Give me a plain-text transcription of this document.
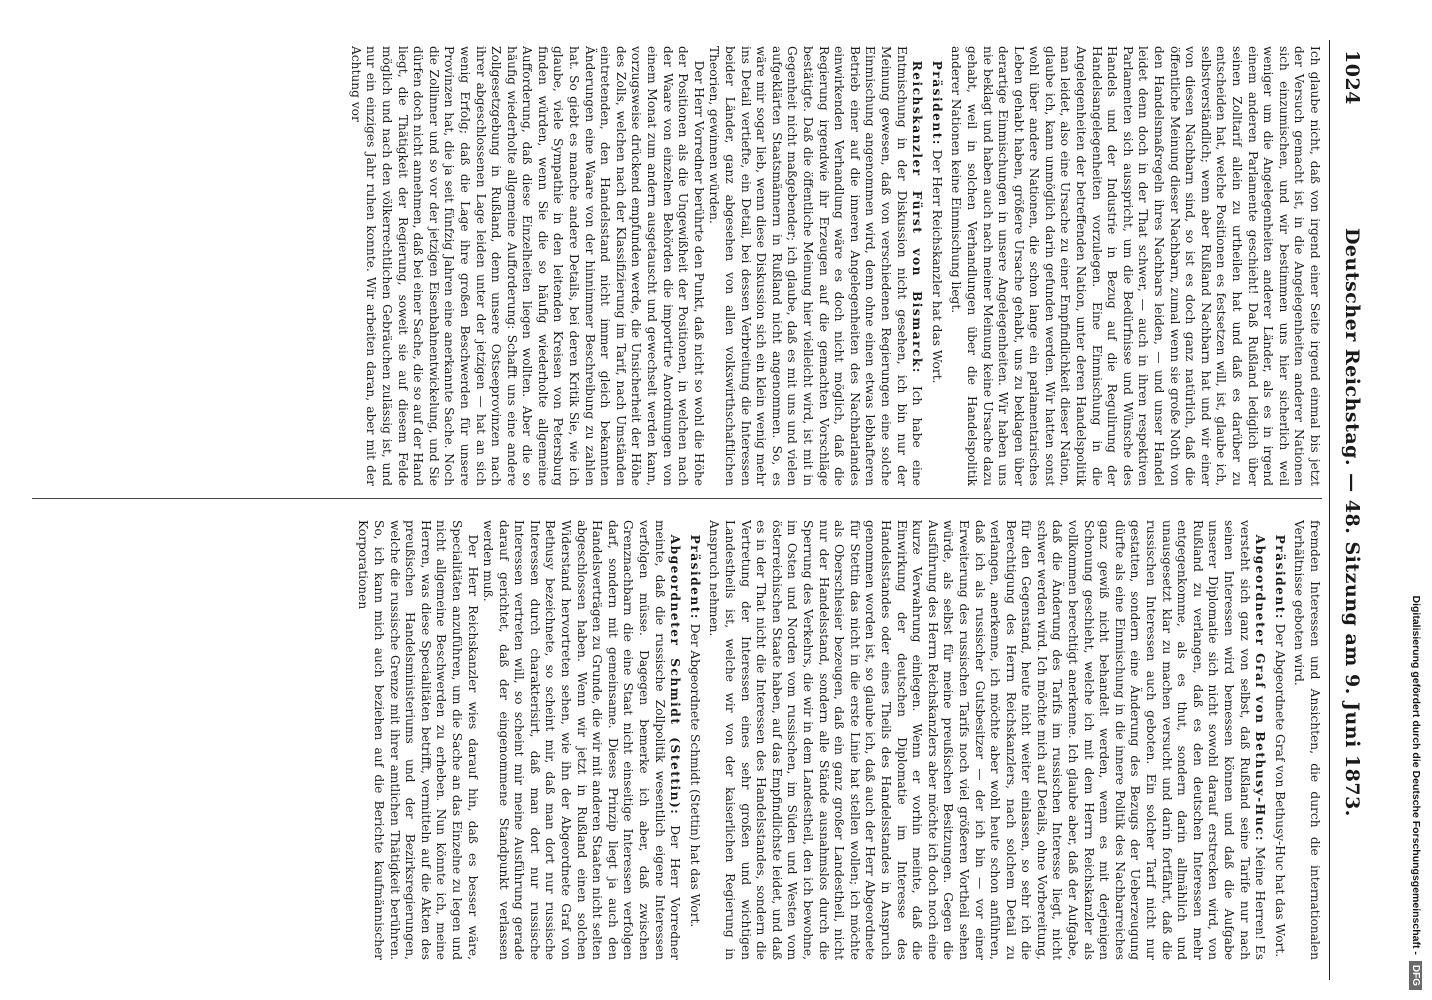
1024
Deutscher Reichstag. — 48. Sitzung am 9. Juni 1873.

Ich glaube nicht, daß von irgend einer Seite irgend einmal bis jetzt der Versuch gemacht ist, in die Angelegenheiten anderer Nationen sich einzumischen, und wir bestimmen uns hier sicherlich weil weniger um die Angelegenheiten anderer Länder, als es in irgend einem anderen Parlamente geschieht! Daß Rußland lediglich über seinen Zolltarif allein zu urtheilen hat und daß es darüber zu entscheiden hat, welche Positionen es festsetzen will, ist, glaube ich, selbstverständlich; wenn aber Rußland Nachbarn hat und wir einer von diesen Nachbarn sind, so ist es doch ganz natürlich, daß die öffentliche Meinung dieser Nachbarn, zumal wenn sie große Noth von den Handelsmaßregeln ihres Nachbars leiden, — und unser Handel leidet denn doch in der That schwer, — auch in ihren respektiven Parlamenten sich ausspricht, um die Bedürfnisse und Wünsche des Handels und der Industrie in Bezug auf die Regulirung der Handelsangelegenheiten vorzulegen. Eine Einmischung in die Angelegenheiten der betreffenden Nation, unter deren Handelspolitik man leidet, also eine Ursache zu einer Empfindlichkeit dieser Nation, glaube ich, kann unmöglich darin gefunden werden. Wir hatten sonst wohl über andere Nationen, die schon lange ein parlamentarisches Leben gehabt haben, größere Ursache gehabt, uns zu beklagen über derartige Einmischungen in unsere Angelegenheiten. Wir haben uns nie beklagt und haben auch nach meiner Meinung keine Ursache dazu gehabt, weil in solchen Verhandlungen über die Handelspolitik anderer Nationen keine Einmischung liegt.

Präsident: Der Herr Reichskanzler hat das Wort.

Reichskanzler Fürst von Bismarck: Ich habe eine Entmischung in der Diskussion nicht gesehen, ich bin nur der Meinung gewesen, daß von verschiedenen Regierungen eine solche Einmischung angenommen wird, denn ohne einen etwas lebhafteren Betrieb einer auf die inneren Angelegenheiten des Nachbarlandes einwirkenden Verhandlung wäre es doch nicht möglich, daß die Regierung irgendwie ihr Erzeugen auf die gemachten Vorschläge bestätigte. Daß die öffentliche Meinung hier vielleicht wird, ist mit in Gegenheit nicht maßgebender; ich glaube, daß es mit uns und vielen aufgeklärten Staatsmännern in Rußland nicht angenommen. So, es wäre mir sogar lieb, wenn diese Diskussion sich ein klein wenig mehr ins Detail vertiefte, ein Detail, bei dessen Verbreitung die Interessen beider Länder, ganz abgesehen von allen volkswirthschaftlichen Theorien, gewinnen würden.

Der Herr Vorredner berührte den Punkt, daß nicht so wohl die Höhe der Positionen als die Ungewißheit der Positionen, in welchen nach der Waare von einzelnen Behörden die importirte Anordnungen von einem Monat zum andern ausgetauscht und gewechselt werden kann, vorzugsweise drückend empfunden werde, die Unsicherheit der Höhe des Zolls, welchen nach der Klassifizierung im Tarif, nach Umständen eintretenden, den Handelsstand nicht immer gleich bekannten Änderungen eine Waare von der hinnimmer Beschreibung zu zahlen hat. So giebt es manche andere Details, bei deren Kritik Sie, wie ich glaube, viele Sympathie in den leitenden Kreisen von Petersburg finden würden, wenn Sie die so häufig wiederholte allgemeine Aufforderung, daß diese Einzelheiten liegen wollten. Aber die so häufig wiederholte allgemeine Aufforderung: Schafft uns eine andere Zollgesetzgebung in Rußland, denn unsere Ostseeprovinzen nach ihrer abgeschlossenen Lage leiden unter der jetzigen — hat an sich wenig Erfolg; daß die Lage ihre großen Beschwerden für unsere Provinzen hat, die ja seit fünfzig Jahren eine anerkannte Sache. Noch die Zollinner und so vor der jetzigen Eisenbahnentwickelung, und Sie dürfen doch nicht annehmen, daß bei einer Sache, die so auf der Hand liegt, die Thätigkeit der Regierung, soweit sie auf diesem Felde möglich und nach den völkerrechtlichen Gebräuchen zulässig ist, und nur ein einziges Jahr ruhen konnte. Wir arbeiten daran, aber mit der Achtung vor

fremden Interessen und Ansichten, die durch die internationalen Verhältnisse geboten wird.

Präsident: Der Abgeordnete Graf von Bethusy-Huc hat das Wort.

Abgeordneter Graf von Bethusy-Huc: Meine Herren! Es versteht sich ganz von selbst, daß Rußland seine Tarife nur nach seinen Interessen wird bemessen können und daß die Aufgabe unserer Diplomatie sich nicht sowohl darauf erstrecken wird, von Rußland zu verlangen, daß es den deutschen Interessen mehr entgegenkomme, als es thut, sondern darin allmählich und unausgesetzt klar zu machen versucht und darin fortfährt, daß die russischen Interessen auch geboten. Ein solcher Tarif nicht nur gestatten, sondern eine Änderung des Bezugs der Ueberzeugung dürfte als eine Einmischung in die innere Politik des Nachbarreiches ganz gewiß nicht behandelt werden, wenn es mit derjenigen Schonung geschieht, welche ich mit dem Herrn Reichskanzler als vollkommen berechtigt anerkenne. Ich glaube aber, daß der Aufgabe, daß die Änderung des Tarifs im russischen Interesse liegt, nicht schwer werden wird. Ich möchte mich auf Details, ohne Vorbereitung, für den Gegenstand, heute nicht weiter einlassen, so sehr ich die Berechtigung des Herrn Reichskanzlers, nach solchem Detail zu verlangen, anerkenne, ich möchte aber wohl heute schon anführen, daß ich als russischer Gutsbesitzer — der ich bin — vor einer Erweiterung des russischen Tarifs noch viel größeren Vortheil sehen würde, als selbst für meine preußischen Besitzungen. Gegen die Ausführung des Herrn Reichskanzlers aber möchte ich doch noch eine kurze Verwahrung einlegen. Wenn er vorhin meinte, daß die Einwirkung der deutschen Diplomatie im Interesse des Handelsstandes oder eines Theils des Handelsstandes in Anspruch genommen worden ist, so glaube ich, daß auch der Herr Abgeordnete für Stettin das nicht in die erste Linie hat stellen wollen; ich möchte als Oberschlesier bezeugen, daß ein ganz großer Landestheil, nicht nur der Handelsstand, sondern alle Stände ausnahmslos durch die Sperrung des Verkehrs, die wir in dem Landestheil, den ich bewohne, im Osten und Norden vom russischen, im Süden und Westen vom österreichischen Staate haben, auf das Empfindlichste leidet, und daß es in der That nicht die Interessen des Handelsstandes, sondern die Vertretung der Interessen eines sehr großen und wichtigen Landestheils ist, welche wir von der kaiserlichen Regierung in Anspruch nehmen.

Präsident: Der Abgeordnete Schmidt (Stettin) hat das Wort.

Abgeordneter Schmidt (Stettin): Der Herr Vorredner meinte, daß die russische Zollpolitik wesentlich eigene Interessen verfolgen müsse. Dagegen bemerke ich aber, daß zwischen Grenznachbarn die eine Staat nicht einseitige Interessen verfolgen darf, sondern mit gemeinsame. Dieses Prinzip liegt ja auch den Handelsverträgen zu Grunde, die wir mit anderen Staaten nicht selten abgeschlossen haben. Wenn wir jetzt in Rußland einen solchen Widerstand hervortreten sehen, wie ihn der Abgeordnete Graf von Bethusy bezeichnete, so scheint mir, daß man dort nur russische Interessen durch charakterisirt, daß man dort nur russische Interessen vertreten will, so scheint mir meine Ausführung gerade darauf gerichtet, daß der eingenommene Standpunkt verlassen werden muß.

Der Herr Reichskanzler wies darauf hin, daß es besser wäre, Specialitäten anzuführen, um die Sache an das Einzelne zu legen und nicht allgemeine Beschwerden zu erheben. Nun könnte ich, meine Herren, was diese Specialitäten betrifft, vermitteln auf die Akten des preußischen Handelsministeriums und der Bezirksregierungen, welche die russische Grenze mit ihrer amtlichen Thätigkeit berühren. So, ich kann mich auch beziehen auf die Berichte kaufmännischer Korporationen

Digitalisierung gefördert durch die Deutsche Forschungsgemeinschaft -
DFG
